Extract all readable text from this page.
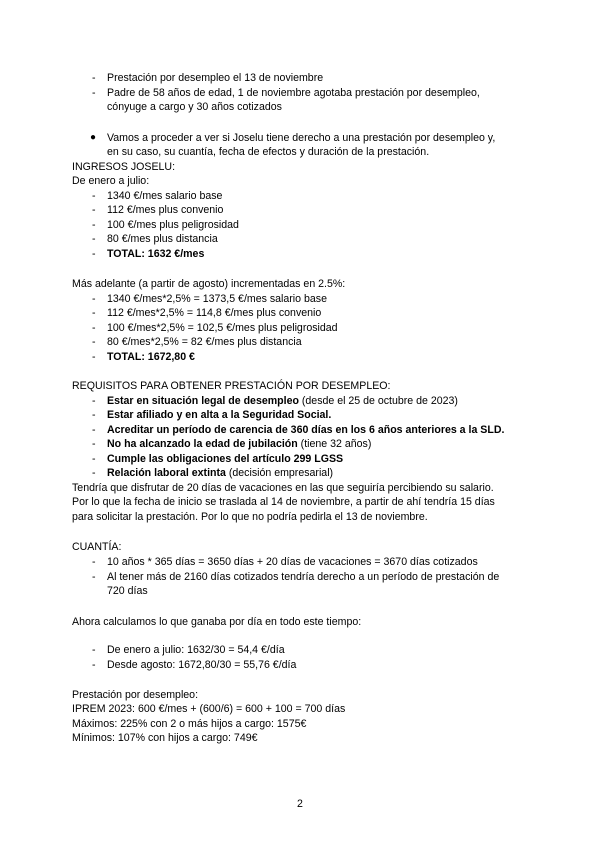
- Prestación por desempleo el 13 de noviembre
- Padre de 58 años de edad, 1 de noviembre agotaba prestación por desempleo,
cónyuge a cargo y 30 años cotizados
● Vamos a proceder a ver si Joselu tiene derecho a una prestación por desempleo y,
en su caso, su cuantía, fecha de efectos y duración de la prestación.
INGRESOS JOSELU:
De enero a julio:
- 1340 €/mes salario base
- 112 €/mes plus convenio
- 100 €/mes plus peligrosidad
- 80 €/mes plus distancia
- TOTAL: 1632 €/mes
Más adelante (a partir de agosto) incrementadas en 2.5%:
- 1340 €/mes*2,5% = 1373,5 €/mes salario base
- 112 €/mes*2,5% = 114,8 €/mes plus convenio
- 100 €/mes*2,5% = 102,5 €/mes plus peligrosidad
- 80 €/mes*2,5% = 82 €/mes plus distancia
- TOTAL: 1672,80 €
REQUISITOS PARA OBTENER PRESTACIÓN POR DESEMPLEO:
- Estar en situación legal de desempleo (desde el 25 de octubre de 2023)
- Estar afiliado y en alta a la Seguridad Social.
- Acreditar un período de carencia de 360 días en los 6 años anteriores a la SLD.
- No ha alcanzado la edad de jubilación (tiene 32 años)
- Cumple las obligaciones del artículo 299 LGSS
- Relación laboral extinta (decisión empresarial)
Tendría que disfrutar de 20 días de vacaciones en las que seguiría percibiendo su salario.
Por lo que la fecha de inicio se traslada al 14 de noviembre, a partir de ahí tendría 15 días
para solicitar la prestación. Por lo que no podría pedirla el 13 de noviembre.
CUANTÍA:
- 10 años * 365 días = 3650 días + 20 días de vacaciones = 3670 días cotizados
- Al tener más de 2160 días cotizados tendría derecho a un período de prestación de
720 días
Ahora calculamos lo que ganaba por día en todo este tiempo:
- De enero a julio: 1632/30 = 54,4 €/día
- Desde agosto: 1672,80/30 = 55,76 €/día
Prestación por desempleo:
IPREM 2023: 600 €/mes + (600/6) = 600 + 100 = 700 días
Máximos: 225% con 2 o más hijos a cargo: 1575€
Mínimos: 107% con hijos a cargo: 749€
2
